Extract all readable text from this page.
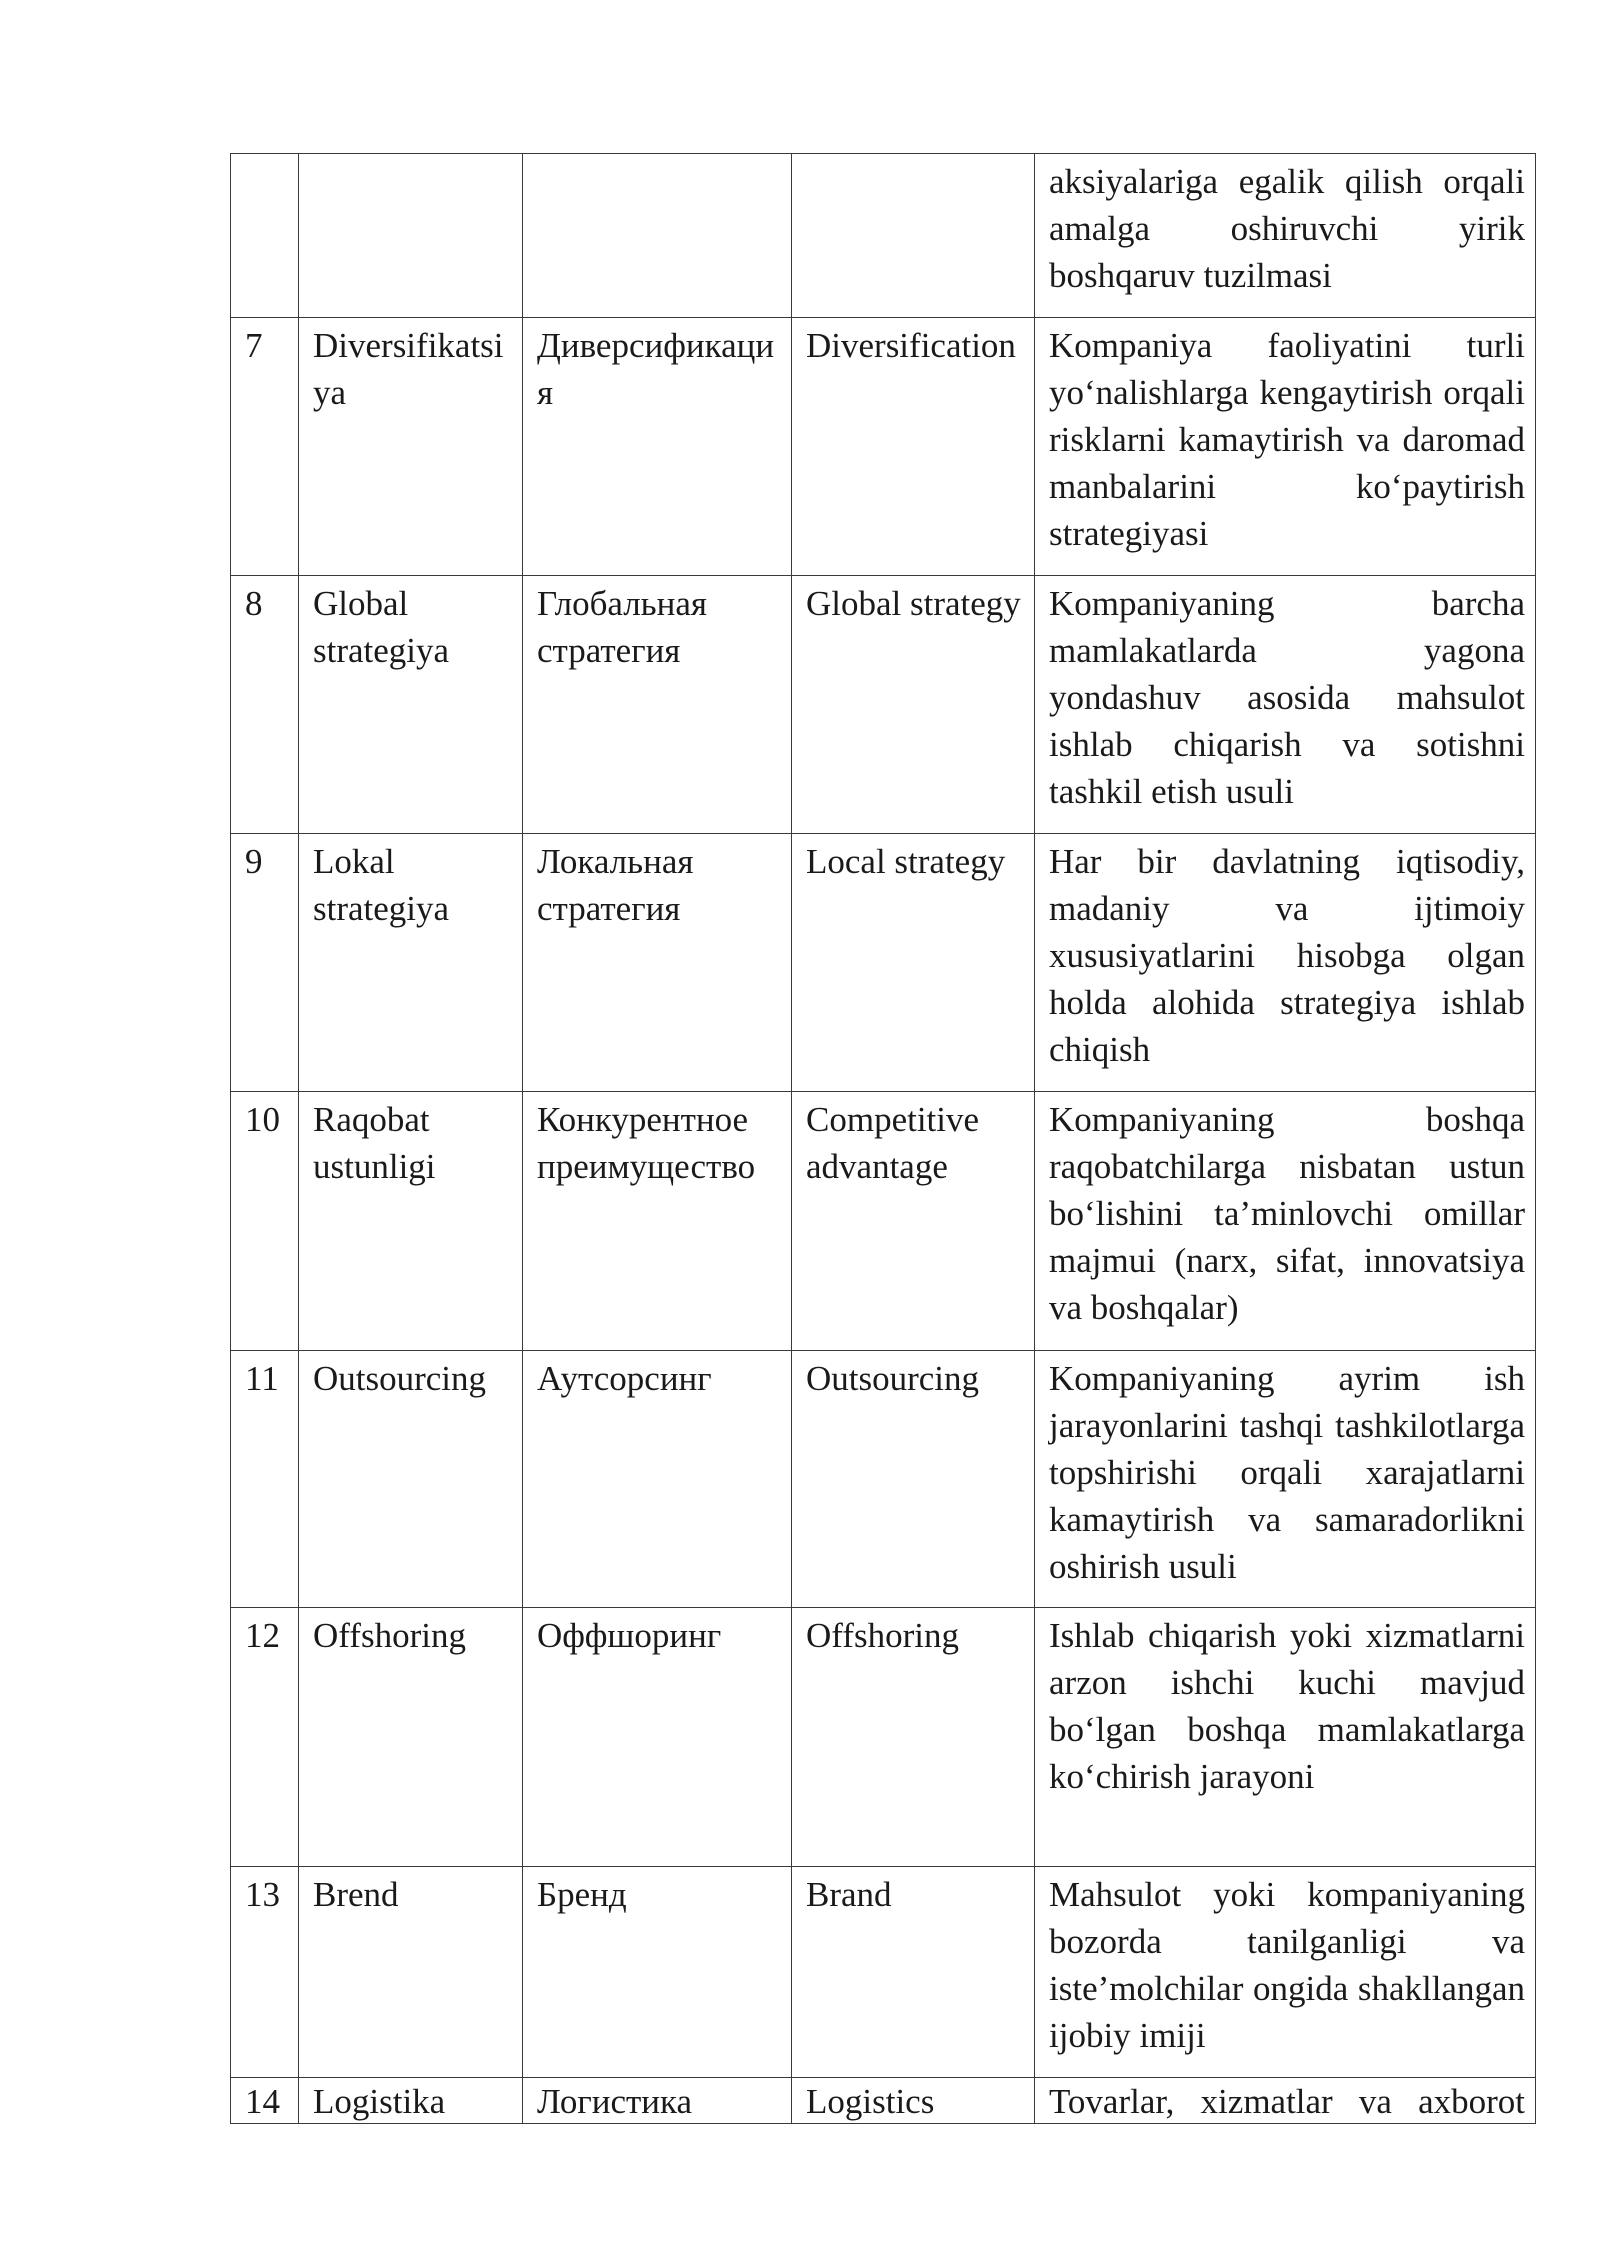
				aksiyalariga egalik qilish orqali amalga oshiruvchi yirik boshqaruv tuzilmasi
7	Diversifikatsiya	Диверсификация	Diversification	Kompaniya faoliyatini turli yo‘nalishlarga kengaytirish orqali risklarni kamaytirish va daromad manbalarini ko‘paytirish strategiyasi
8	Global strategiya	Глобальная стратегия	Global strategy	Kompaniyaning barcha mamlakatlarda yagona yondashuv asosida mahsulot ishlab chiqarish va sotishni tashkil etish usuli
9	Lokal strategiya	Локальная стратегия	Local strategy	Har bir davlatning iqtisodiy, madaniy va ijtimoiy xususiyatlarini hisobga olgan holda alohida strategiya ishlab chiqish
10	Raqobat ustunligi	Конкурентное преимущество	Competitive advantage	Kompaniyaning boshqa raqobatchilarga nisbatan ustun bo‘lishini ta’minlovchi omillar majmui (narx, sifat, innovatsiya va boshqalar)
11	Outsourcing	Аутсорсинг	Outsourcing	Kompaniyaning ayrim ish jarayonlarini tashqi tashkilotlarga topshirishi orqali xarajatlarni kamaytirish va samaradorlikni oshirish usuli
12	Offshoring	Оффшоринг	Offshoring	Ishlab chiqarish yoki xizmatlarni arzon ishchi kuchi mavjud bo‘lgan boshqa mamlakatlarga ko‘chirish jarayoni
13	Brend	Бренд	Brand	Mahsulot yoki kompaniyaning bozorda tanilganligi va iste’molchilar ongida shakllangan ijobiy imiji

14	Logistika	Логистика	Logistics	Tovarlar, xizmatlar va axborot
